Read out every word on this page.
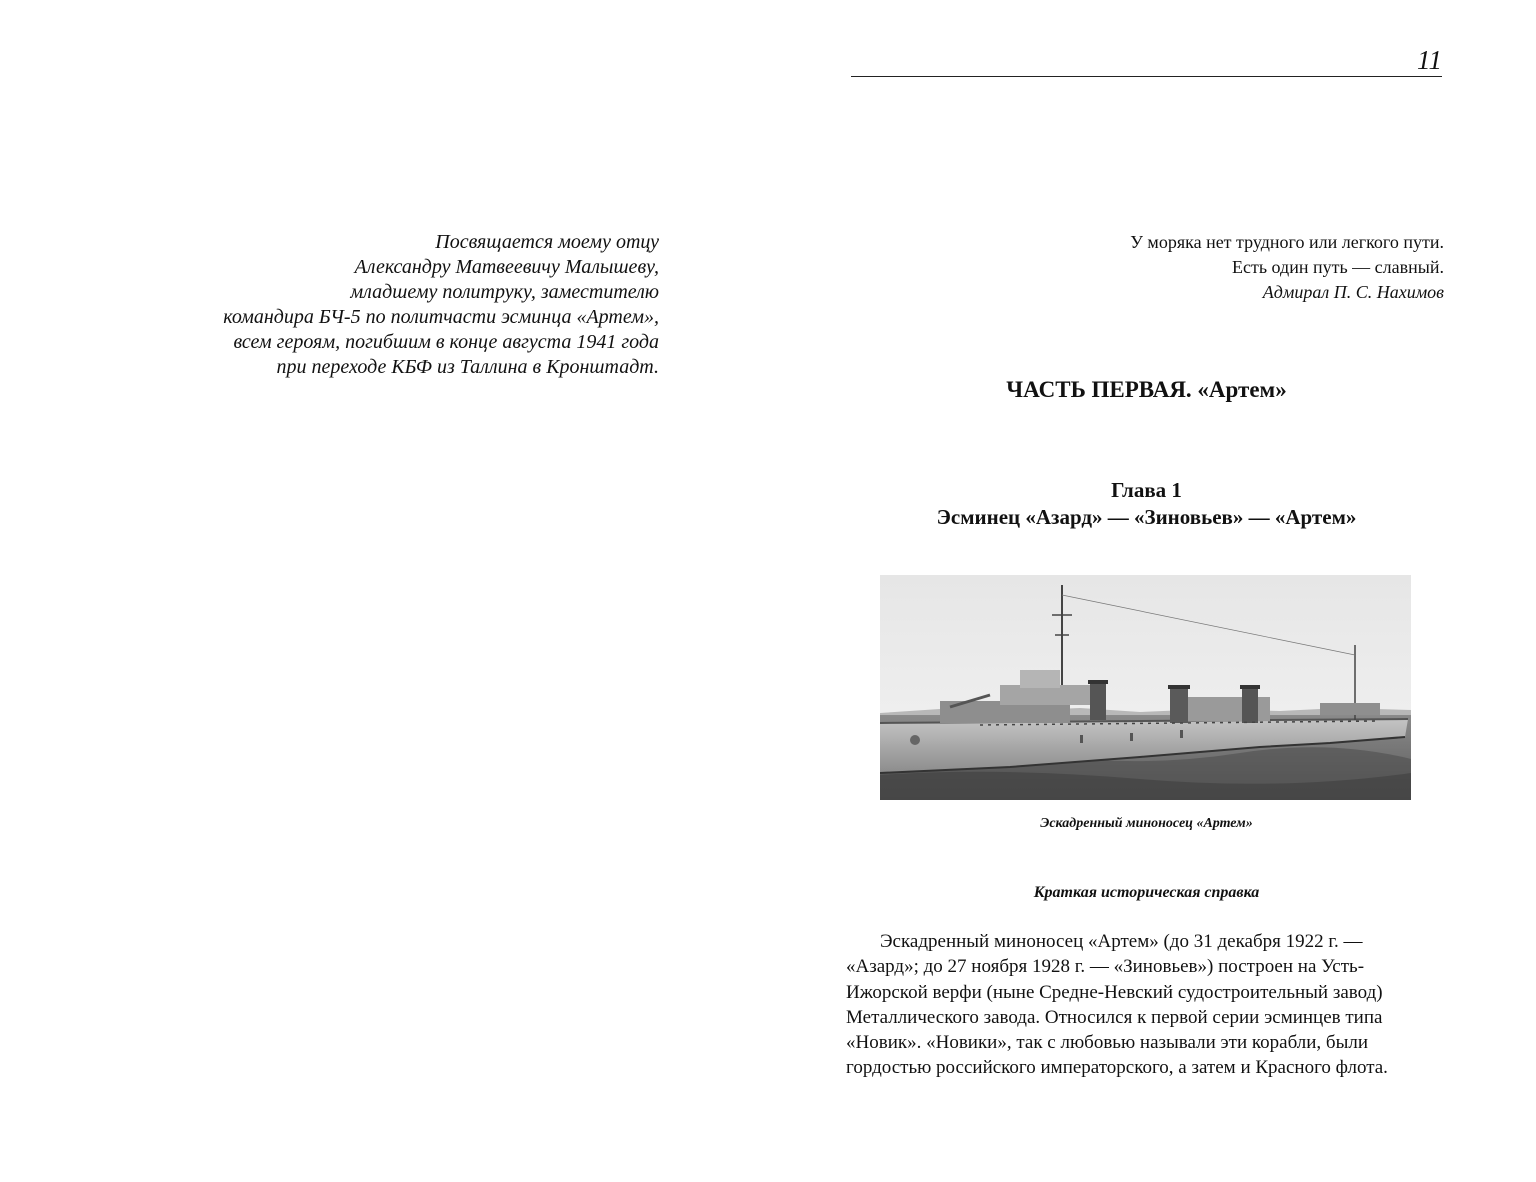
11
Посвящается моему отцу
Александру Матвеевичу Малышеву,
младшему политруку, заместителю
командира БЧ-5 по политчасти эсминца «Артем»,
всем героям, погибшим в конце августа 1941 года
при переходе КБФ из Таллина в Кронштадт.
У моряка нет трудного или легкого пути.
Есть один путь — славный.
Адмирал П. С. Нахимов
ЧАСТЬ ПЕРВАЯ. «Артем»
Глава 1
Эсминец «Азард» — «Зиновьев» — «Артем»
Эскадренный миноносец «Артем»
Краткая историческая справка
Эскадренный миноносец «Артем» (до 31 декабря 1922 г. —
«Азард»; до 27 ноября 1928 г. — «Зиновьев») построен на Усть-
Ижорской верфи (ныне Средне-Невский судостроительный завод)
Металлического завода. Относился к первой серии эсминцев типа
«Новик». «Новики», так с любовью называли эти корабли, были
гордостью российского императорского, а затем и Красного флота.
